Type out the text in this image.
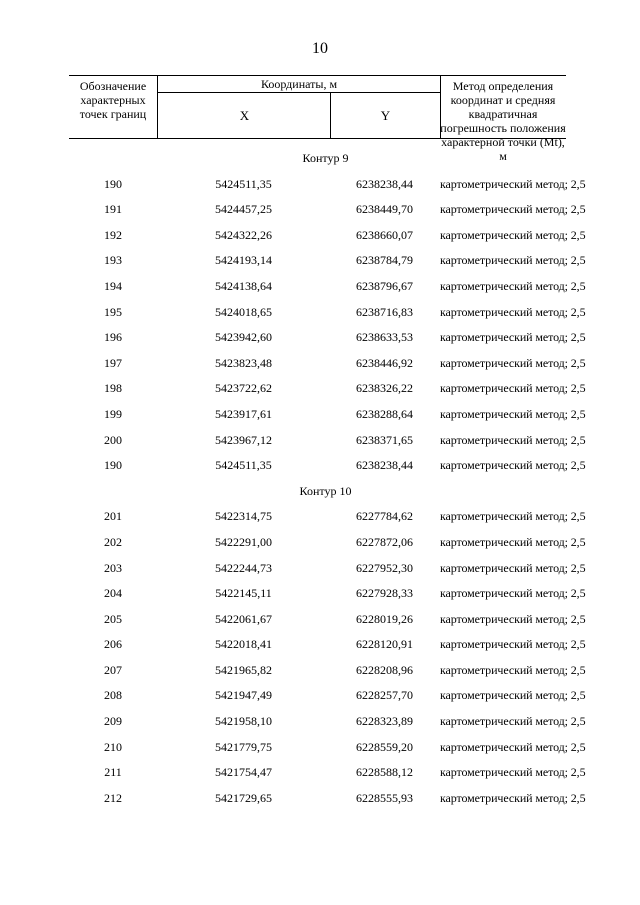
10
Обозначение характерных точек границ
Координаты, м
X	Y
Метод определения координат и средняя квадратичная погрешность положения характерной точки (Mt), м
Контур 9
190	5424511,35	6238238,44	картометрический метод; 2,5
191	5424457,25	6238449,70	картометрический метод; 2,5
192	5424322,26	6238660,07	картометрический метод; 2,5
193	5424193,14	6238784,79	картометрический метод; 2,5
194	5424138,64	6238796,67	картометрический метод; 2,5
195	5424018,65	6238716,83	картометрический метод; 2,5
196	5423942,60	6238633,53	картометрический метод; 2,5
197	5423823,48	6238446,92	картометрический метод; 2,5
198	5423722,62	6238326,22	картометрический метод; 2,5
199	5423917,61	6238288,64	картометрический метод; 2,5
200	5423967,12	6238371,65	картометрический метод; 2,5
190	5424511,35	6238238,44	картометрический метод; 2,5
Контур 10
201	5422314,75	6227784,62	картометрический метод; 2,5
202	5422291,00	6227872,06	картометрический метод; 2,5
203	5422244,73	6227952,30	картометрический метод; 2,5
204	5422145,11	6227928,33	картометрический метод; 2,5
205	5422061,67	6228019,26	картометрический метод; 2,5
206	5422018,41	6228120,91	картометрический метод; 2,5
207	5421965,82	6228208,96	картометрический метод; 2,5
208	5421947,49	6228257,70	картометрический метод; 2,5
209	5421958,10	6228323,89	картометрический метод; 2,5
210	5421779,75	6228559,20	картометрический метод; 2,5
211	5421754,47	6228588,12	картометрический метод; 2,5
212	5421729,65	6228555,93	картометрический метод; 2,5
